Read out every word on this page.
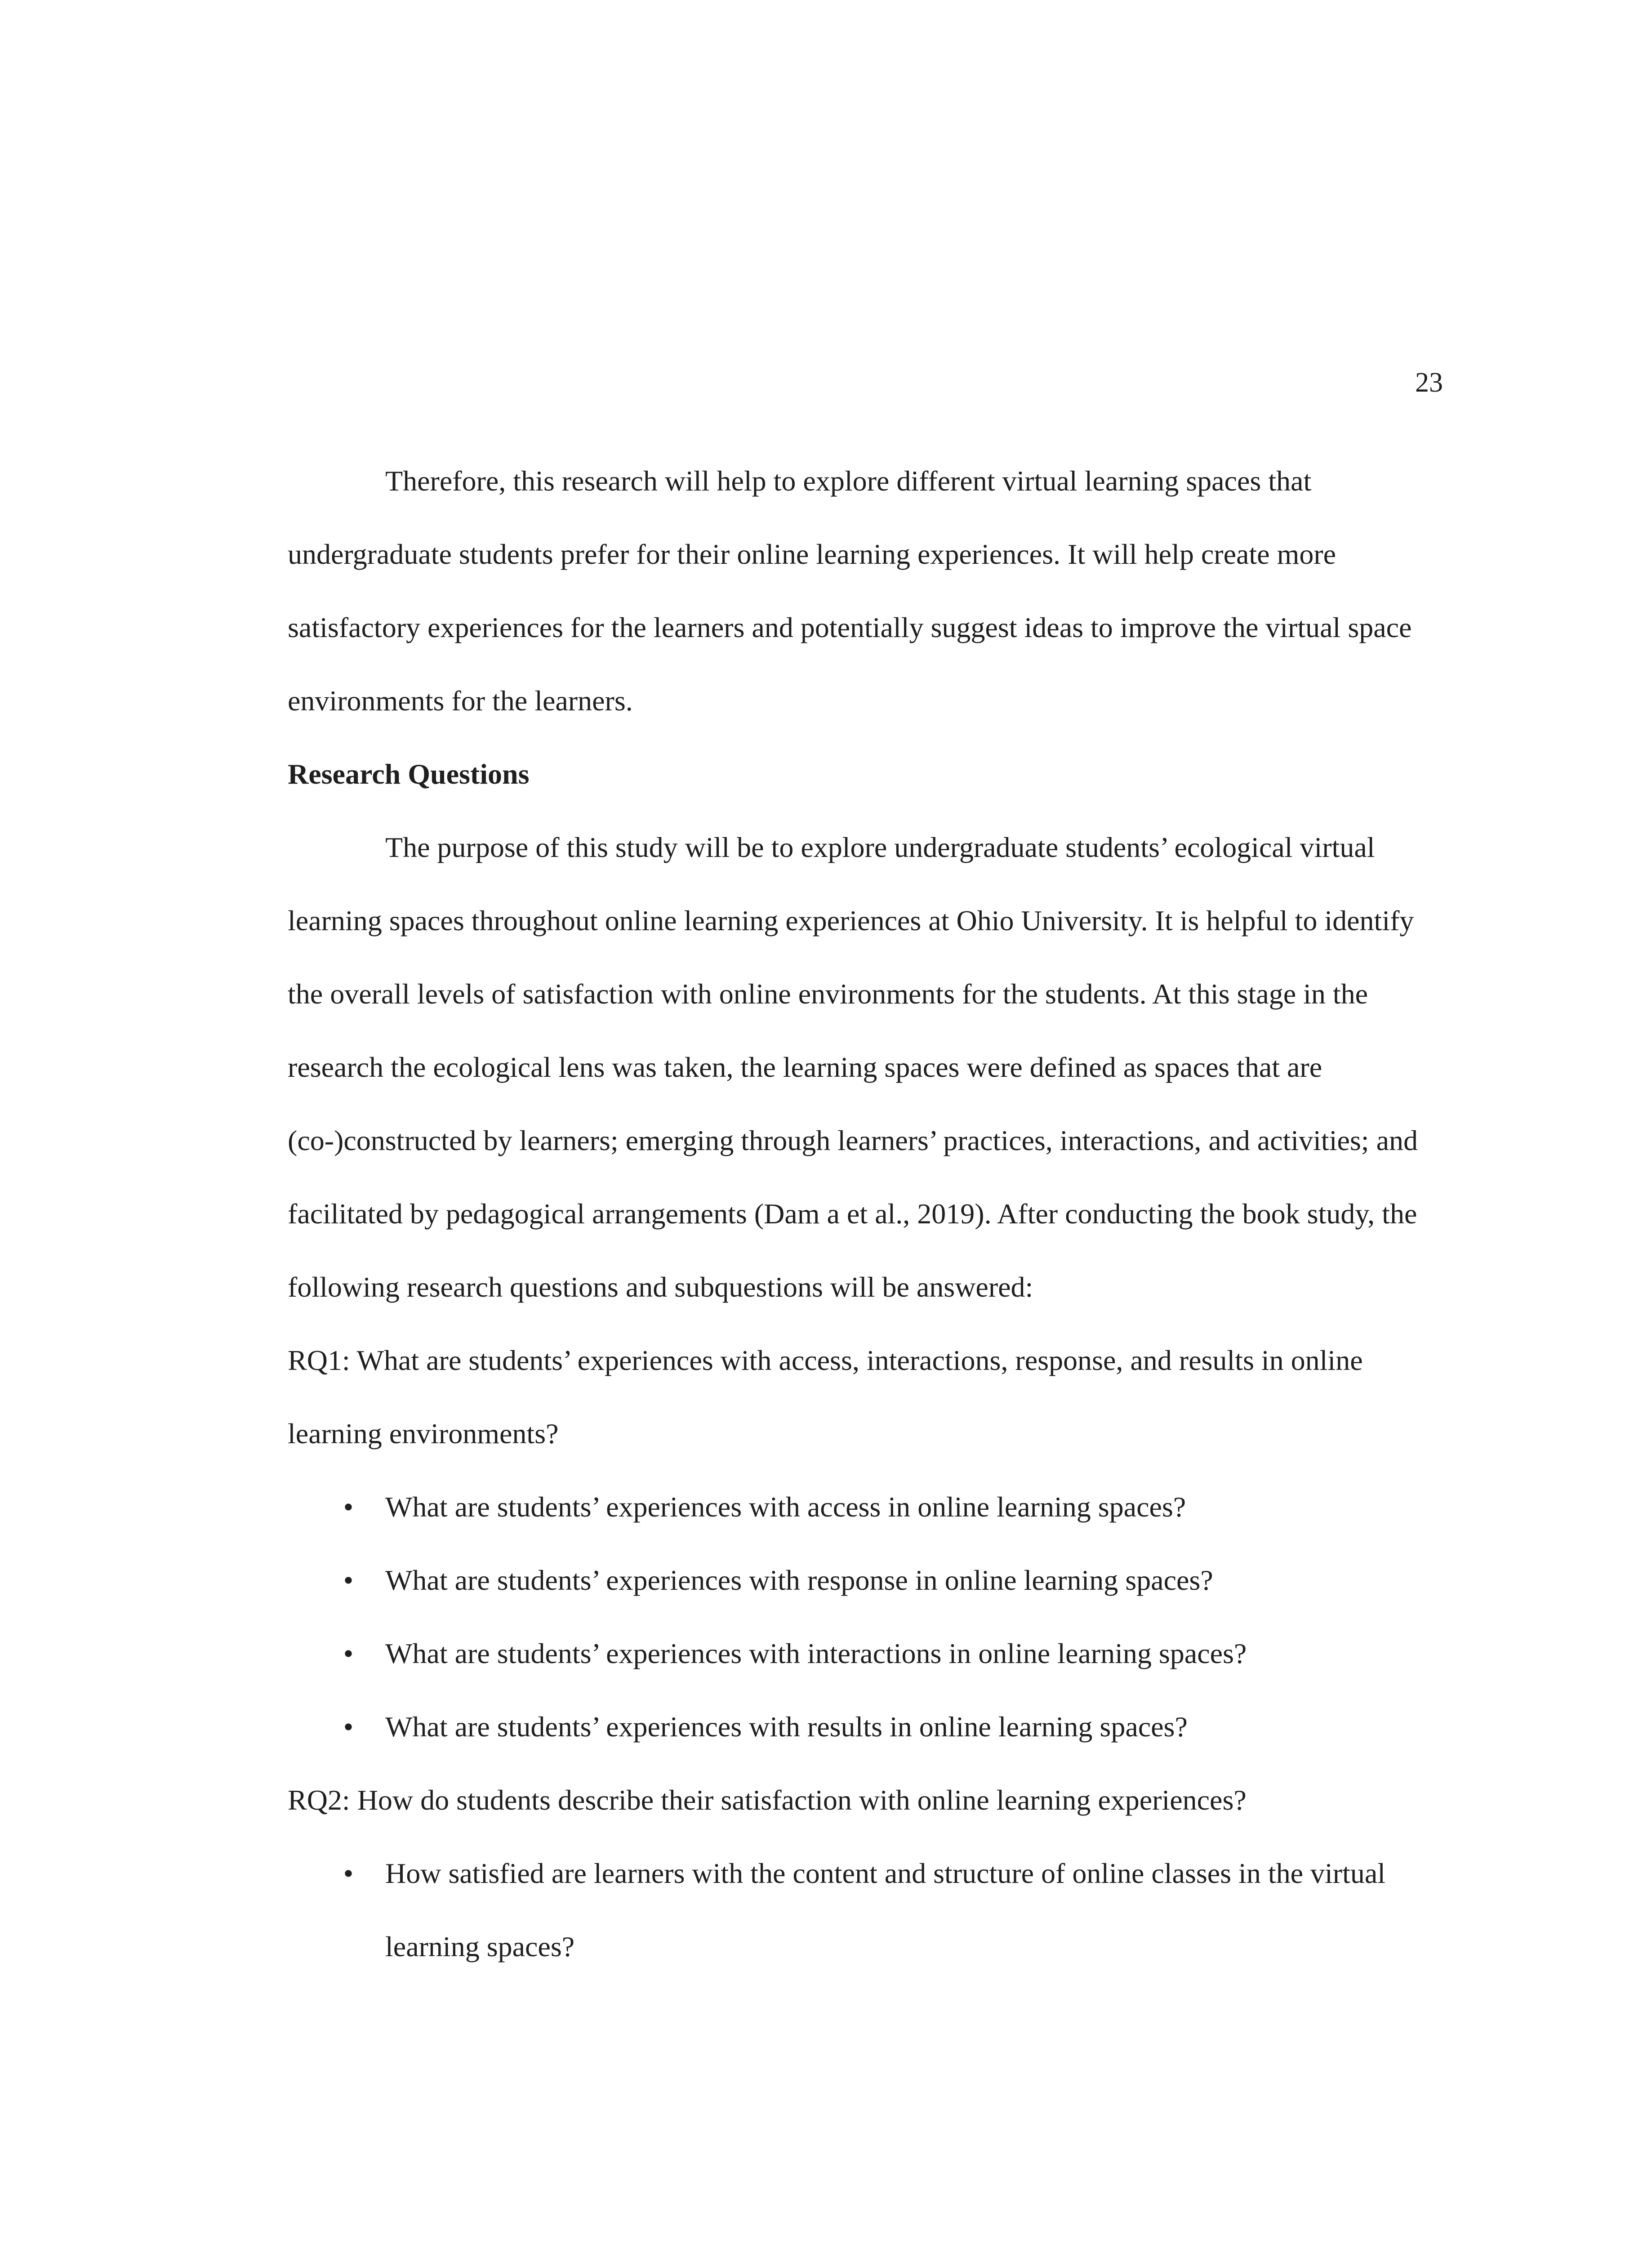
23

Therefore, this research will help to explore different virtual learning spaces that undergraduate students prefer for their online learning experiences. It will help create more satisfactory experiences for the learners and potentially suggest ideas to improve the virtual space environments for the learners.

Research Questions

The purpose of this study will be to explore undergraduate students’ ecological virtual learning spaces throughout online learning experiences at Ohio University. It is helpful to identify the overall levels of satisfaction with online environments for the students. At this stage in the research the ecological lens was taken, the learning spaces were defined as spaces that are (co-)constructed by learners; emerging through learners’ practices, interactions, and activities; and facilitated by pedagogical arrangements (Dam a et al., 2019). After conducting the book study, the following research questions and subquestions will be answered:

RQ1: What are students’ experiences with access, interactions, response, and results in online learning environments?

• What are students’ experiences with access in online learning spaces?
• What are students’ experiences with response in online learning spaces?
• What are students’ experiences with interactions in online learning spaces?
• What are students’ experiences with results in online learning spaces?

RQ2: How do students describe their satisfaction with online learning experiences?

• How satisfied are learners with the content and structure of online classes in the virtual learning spaces?
